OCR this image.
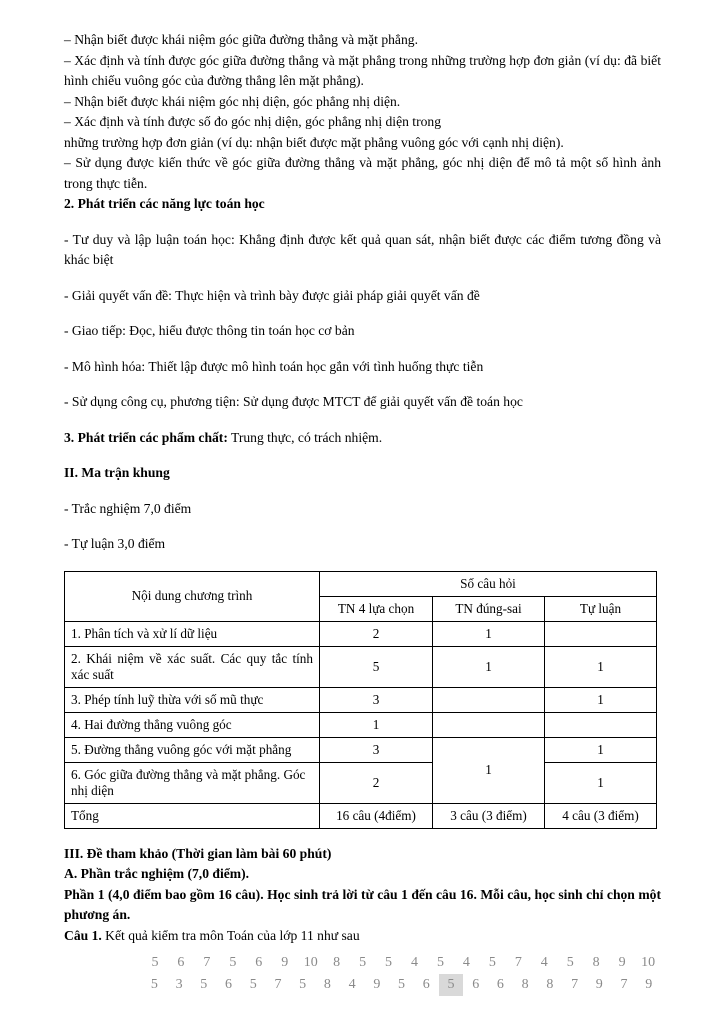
– Nhận biết được khái niệm góc giữa đường thẳng và mặt phẳng.
– Xác định và tính được góc giữa đường thẳng và mặt phẳng trong những trường hợp đơn giản (ví dụ: đã biết hình chiếu vuông góc của đường thẳng lên mặt phẳng).
– Nhận biết được khái niệm góc nhị diện, góc phẳng nhị diện.
– Xác định và tính được số đo góc nhị diện, góc phẳng nhị diện trong
những trường hợp đơn giản (ví dụ: nhận biết được mặt phẳng vuông góc với cạnh nhị diện).
– Sử dụng được kiến thức về góc giữa đường thẳng và mặt phẳng, góc nhị diện để mô tả một số hình ảnh trong thực tiễn.
2. Phát triển các năng lực toán học
- Tư duy và lập luận toán học: Khẳng định được kết quả quan sát, nhận biết được các điểm tương đồng và khác biệt
- Giải quyết vấn đề: Thực hiện và trình bày được giải pháp giải quyết vấn đề
- Giao tiếp: Đọc, hiểu được thông tin toán học cơ bản
- Mô hình hóa: Thiết lập được mô hình toán học gắn với tình huống thực tiễn
- Sử dụng công cụ, phương tiện: Sử dụng được MTCT để giải quyết vấn đề toán học
3. Phát triển các phẩm chất: Trung thực, có trách nhiệm.
II. Ma trận khung
- Trắc nghiệm 7,0 điểm
- Tự luận 3,0 điểm
Nội dung chương trình	Số câu hỏi		
	TN 4 lựa chọn	TN đúng-sai	Tự luận
1. Phân tích và xử lí dữ liệu	2	1	
2. Khái niệm về xác suất. Các quy tắc tính xác suất	5	1	1
3. Phép tính luỹ thừa với số mũ thực	3		1
4. Hai đường thẳng vuông góc	1		
5. Đường thẳng vuông góc với mặt phẳng	3	1	1
6. Góc giữa đường thẳng và mặt phẳng. Góc nhị diện	2		1
Tổng	16 câu (4điểm)	3 câu (3 điểm)	4 câu (3 điểm)
III. Đề tham khảo (Thời gian làm bài 60 phút)
A. Phần trắc nghiệm (7,0 điểm).
Phần 1 (4,0 điểm bao gồm 16 câu). Học sinh trả lời từ câu 1 đến câu 16. Mỗi câu, học sinh chỉ chọn một phương án.
Câu 1. Kết quả kiểm tra môn Toán của lớp 11 như sau
5	6	7	5	6	9	10	8	5	5	4	5	4	5	7	4	5	8	9	10
5	3	5	6	5	7	5	8	4	9	5	6	5	6	6	8	8	7	9	7	9
